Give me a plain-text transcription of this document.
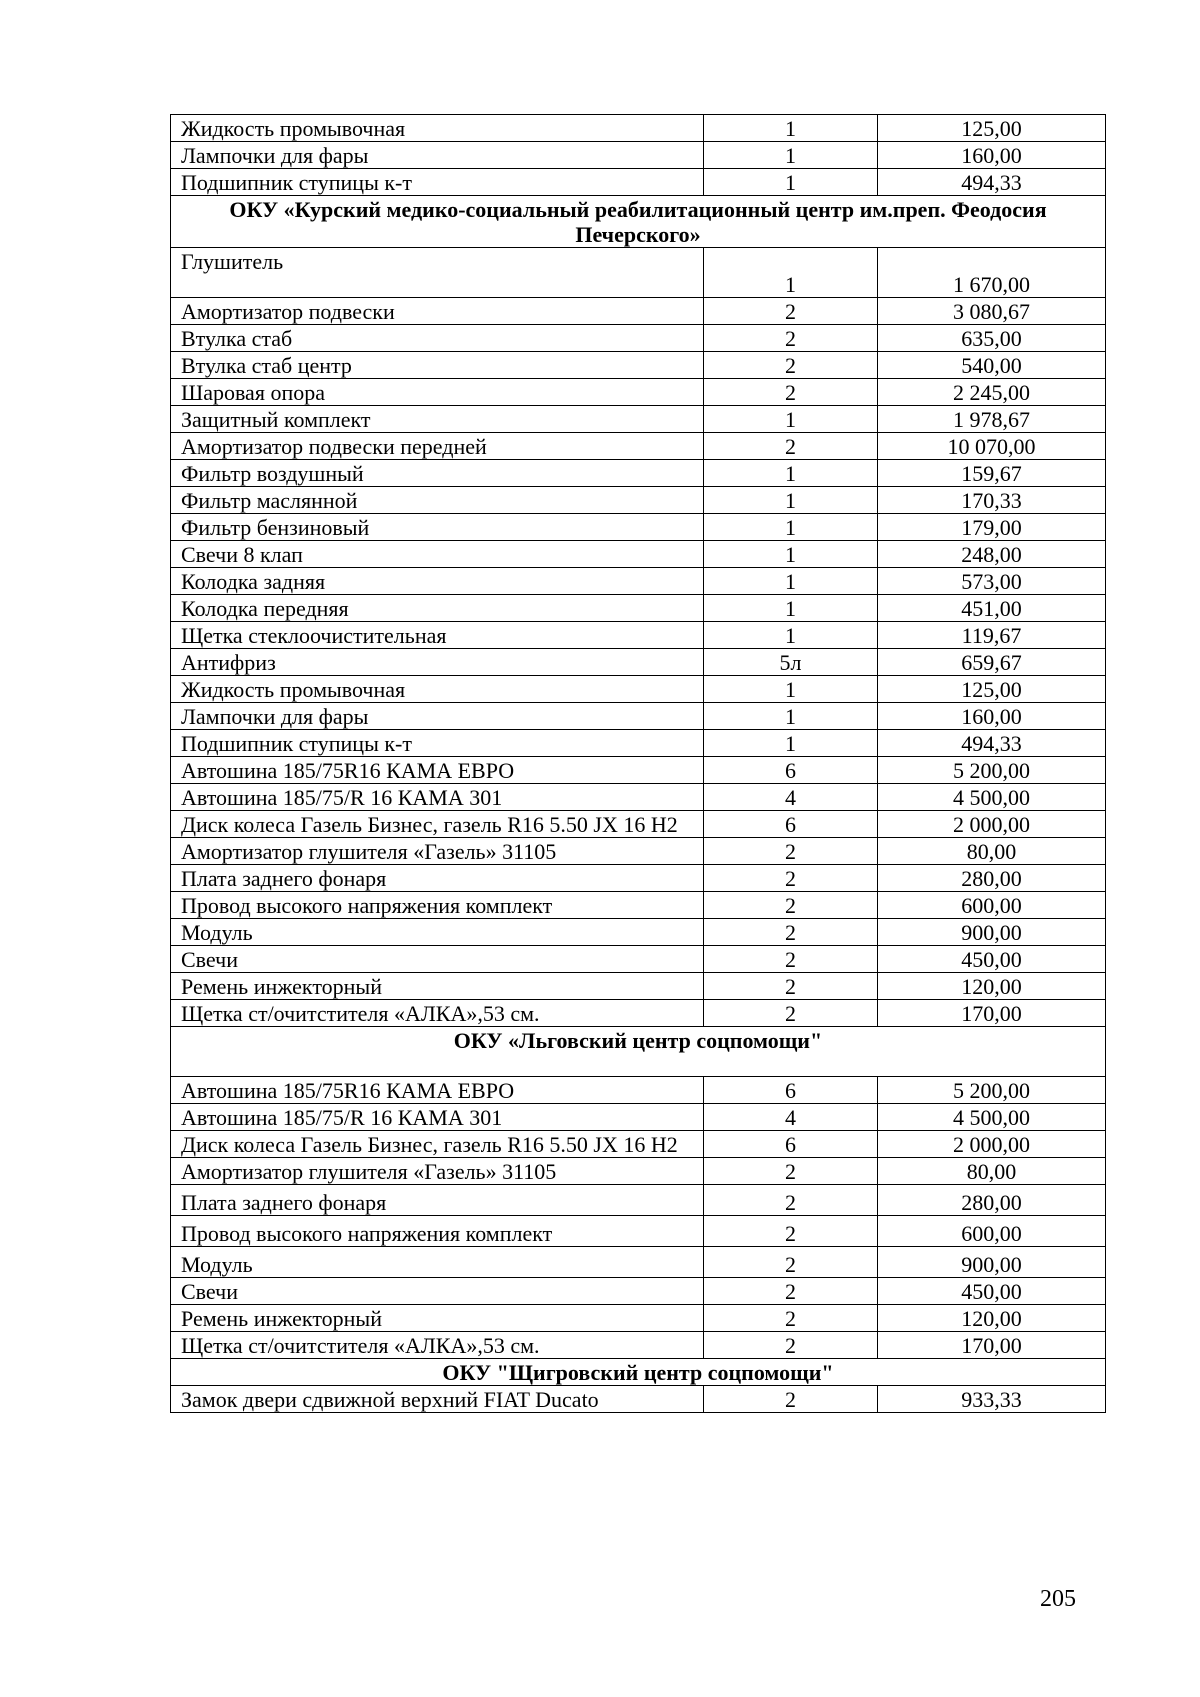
Жидкость промывочная	1	125,00
Лампочки для фары	1	160,00
Подшипник ступицы к-т	1	494,33
ОКУ «Курский медико-социальный реабилитационный центр им.преп. Феодосия Печерского»		
Глушитель	1	1 670,00
Амортизатор подвески	2	3 080,67
Втулка стаб	2	635,00
Втулка стаб центр	2	540,00
Шаровая опора	2	2 245,00
Защитный комплект	1	1 978,67
Амортизатор подвески передней	2	10 070,00
Фильтр воздушный	1	159,67
Фильтр маслянной	1	170,33
Фильтр бензиновый	1	179,00
Свечи 8 клап	1	248,00
Колодка задняя	1	573,00
Колодка передняя	1	451,00
Щетка стеклоочистительная	1	119,67
Антифриз	5л	659,67
Жидкость промывочная	1	125,00
Лампочки для фары	1	160,00
Подшипник ступицы к-т	1	494,33
Автошина 185/75R16 КАМА ЕВРО	6	5 200,00
Автошина 185/75/R 16 КАМА 301	4	4 500,00
Диск колеса Газель Бизнес, газель R16 5.50 JX 16 H2	6	2 000,00
Амортизатор глушителя «Газель» 31105	2	80,00
Плата заднего фонаря	2	280,00
Провод высокого напряжения комплект	2	600,00
Модуль	2	900,00
Свечи	2	450,00
Ремень инжекторный	2	120,00
Щетка ст/очитстителя «АЛКА»,53 см.	2	170,00
ОКУ «Льговский центр соцпомощи"		
Автошина 185/75R16 КАМА ЕВРО	6	5 200,00
Автошина 185/75/R 16 КАМА 301	4	4 500,00
Диск колеса Газель Бизнес, газель R16 5.50 JX 16 H2	6	2 000,00
Амортизатор глушителя «Газель» 31105	2	80,00
Плата заднего фонаря	2	280,00
Провод высокого напряжения комплект	2	600,00
Модуль	2	900,00
Свечи	2	450,00
Ремень инжекторный	2	120,00
Щетка ст/очитстителя «АЛКА»,53 см.	2	170,00
ОКУ "Щигровский центр соцпомощи"		
Замок двери сдвижной верхний FIAT Ducato	2	933,33
205
